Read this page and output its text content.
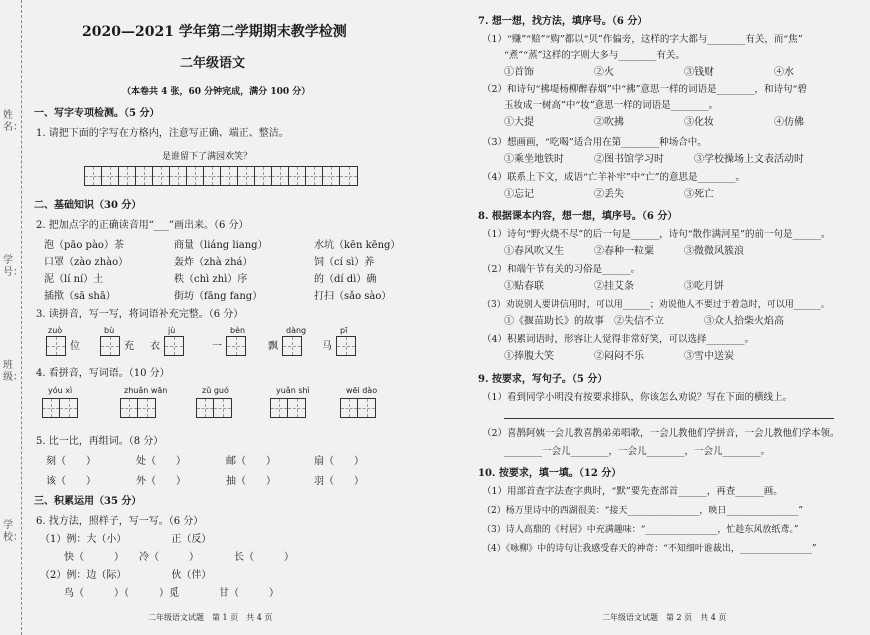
姓名：
学号：
班级：
学校：
2020—2021 学年第二学期期末教学检测
二年级语文
（本卷共 4 张，60 分钟完成，满分 100 分）
一、写字专项检测。（5 分）
1. 请把下面的字写在方格内，注意写正确、端正、整洁。
是谁留下了满园欢笑？
二、基础知识（30 分）
2. 把加点字的正确读音用“___”画出来。（6 分）
泡（pāo pào）茶	商量（liáng liang）	水坑（kēn kēng）
口罩（zào zhào）	轰炸（zhà zhá）	饲（cí sì）养
泥（lí ní）土	秩（chì zhì）序	的（dí dì）确
插揿（sā shā）	街坊（fāng fang）	打扫（sǎo sào）
3. 读拼音，写一写，将词语补充完整。（6 分）
zuò
位
bù
充
jù
衣
bèn
一
dàng
飘
pī
马
4. 看拼音，写词语。（10 分）
yóu xì	zhuǎn wān	zǔ guó	yuǎn shì	wēi dào
5. 比一比，再组词。（8 分）
刻（　　）	处（　　）	邮（　　）	扇（　　）
该（　　）	外（　　）	抽（　　）	羽（　　）
三、积累运用（35 分）
6. 找方法，照样子，写一写。（6 分）
（1）例：大（小）　　　　　正（反）
快（　　　）　　冷（　　　）　　　　长（　　　）
（2）例：边（际）　　　　　伙（伴）
鸟（　　　）（　　　）觅　　　　甘（　　　）
二年级语文试题　第 1 页　共 4 页
7. 想一想，找方法，填序号。（6 分）
（1）“赚”“赔”“购”都以“贝”作偏旁，这样的字大都与________有关，而“焦”
“煮”“蒸”这样的字则大多与________有关。
①首饰	②火	③钱财	④水
（2）和诗句“拂堤杨柳醉春烟”中“拂”意思一样的词语是________，和诗句“碧
玉妆成一树高”中“妆”意思一样的词语是________。
①大提	②吹拂	③化妆	④仿佛
（3）想画画，“吃喝”适合用在第________种场合中。
①乘坐地铁时	②图书馆学习时	③学校操场上文表活动时
（4）联系上下文，成语“亡羊补牢”中“亡”的意思是________。
①忘记	②丢失	③死亡
8. 根据课本内容，想一想，填序号。（6 分）
（1）诗句“野火烧不尽”的后一句是______，诗句“散作满河星”的前一句是______。
①春风吹又生	②春种一粒粟	③微微风簇浪
（2）和端午节有关的习俗是______。
①贴春联	②挂艾条	③吃月饼
（3）劝说别人要讲信用时，可以用______；劝说他人不要过于着急时，可以用______。
①《揠苗助长》的故事 ②失信不立	③众人拾柴火焰高
（4）积累词语时，形容让人觉得非常好笑，可以选择________。
①捧腹大笑	②闷闷不乐	③雪中送炭
9. 按要求，写句子。（5 分）
（1）看到同学小明没有按要求排队，你该怎么劝说？写在下面的横线上。
（2）喜鹊阿姨一会儿教喜鹊弟弟唱歌，一会儿教他们学拼音，一会儿教他们学本领。
________一会儿________，一会儿________，一会儿________。
10. 按要求，填一填。（12 分）
（1）用部首查字法查字典时，“默”要先查部首______，再查______画。
（2）杨万里诗中的西湖很美：“接天________________，映日________________”
（3）诗人高鼎的《村居》中充满趣味：“________________，忙趁东风放纸鸢。”
（4）《咏柳》中的诗句让我感受春天的神奇：“不知细叶谁裁出，________________”
二年级语文试题　第 2 页　共 4 页
